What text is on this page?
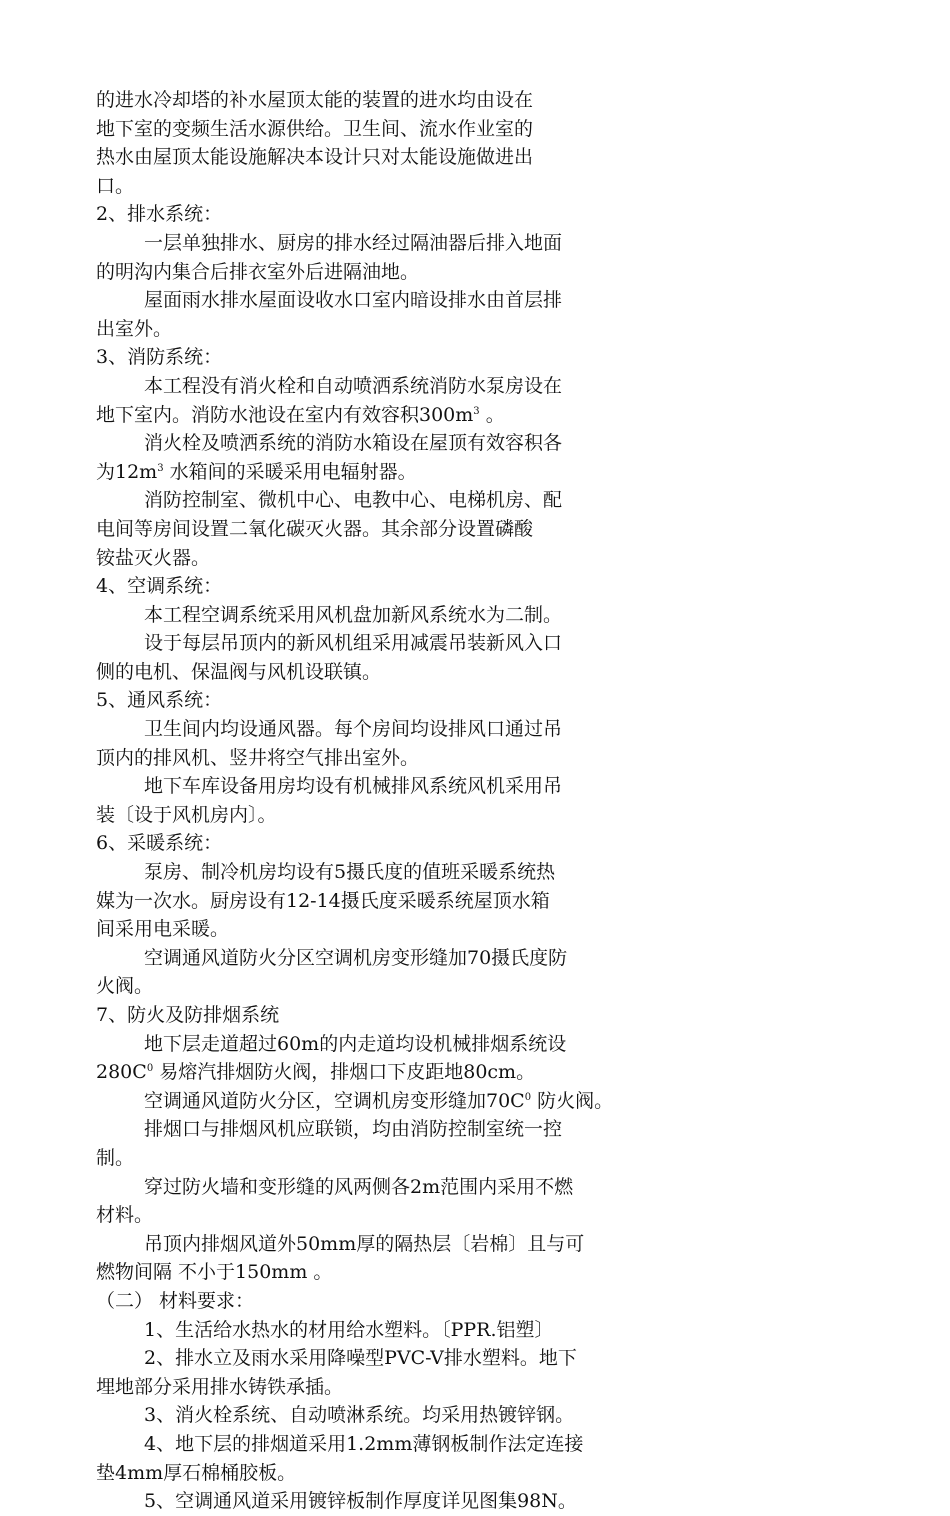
的进水冷却塔的补水屋顶太能的装置的进水均由设在
地下室的变频生活水源供给。卫生间、流水作业室的
热水由屋顶太能设施解决本设计只对太能设施做进出
口。
2、排水系统：
一层单独排水、厨房的排水经过隔油器后排入地面
的明沟内集合后排衣室外后进隔油地。
屋面雨水排水屋面设收水口室内暗设排水由首层排
出室外。
3、消防系统：
本工程没有消火栓和自动喷洒系统消防水泵房设在
地下室内。消防水池设在室内有效容积$300m^3$ 。
消火栓及喷洒系统的消防水箱设在屋顶有效容积各
为$12m^3$ 水箱间的采暖采用电辐射器。
消防控制室、微机中心、电教中心、电梯机房、配
电间等房间设置二氧化碳灭火器。其余部分设置磷酸
铵盐灭火器。
4、空调系统：
本工程空调系统采用风机盘加新风系统水为二制。
设于每层吊顶内的新风机组采用减震吊装新风入口
侧的电机、保温阀与风机设联镇。
5、通风系统：
卫生间内均设通风器。每个房间均设排风口通过吊
顶内的排风机、竖井将空气排出室外。
地下车库设备用房均设有机械排风系统风机采用吊
装〔设于风机房内〕。
6、采暖系统：
泵房、制冷机房均设有5摄氏度的值班采暖系统热
媒为一次水。厨房设有12-14摄氏度采暖系统屋顶水箱
间采用电采暖。
空调通风道防火分区空调机房变形缝加70摄氏度防
火阀。
7、防火及防排烟系统
地下层走道超过60m的内走道均设机械排烟系统设
$280C^0$ 易熔汽排烟防火阀，排烟口下皮距地80cm。
空调通风道防火分区，空调机房变形缝加$70C^0$ 防火阀。
排烟口与排烟风机应联锁，均由消防控制室统一控
制。
穿过防火墙和变形缝的风两侧各2m范围内采用不燃
材料。
吊顶内排烟风道外50mm厚的隔热层〔岩棉〕且与可
燃物间隔 不小于150mm 。
（二） 材料要求：
1、生活给水热水的材用给水塑料。〔PPR.铝塑〕
2、排水立及雨水采用降噪型PVC-V排水塑料。地下
埋地部分采用排水铸铁承插。
3、消火栓系统、自动喷淋系统。均采用热镀锌钢。
4、地下层的排烟道采用1.2mm薄钢板制作法定连接
垫4mm厚石棉桶胶板。
5、空调通风道采用镀锌板制作厚度详见图集98N。
